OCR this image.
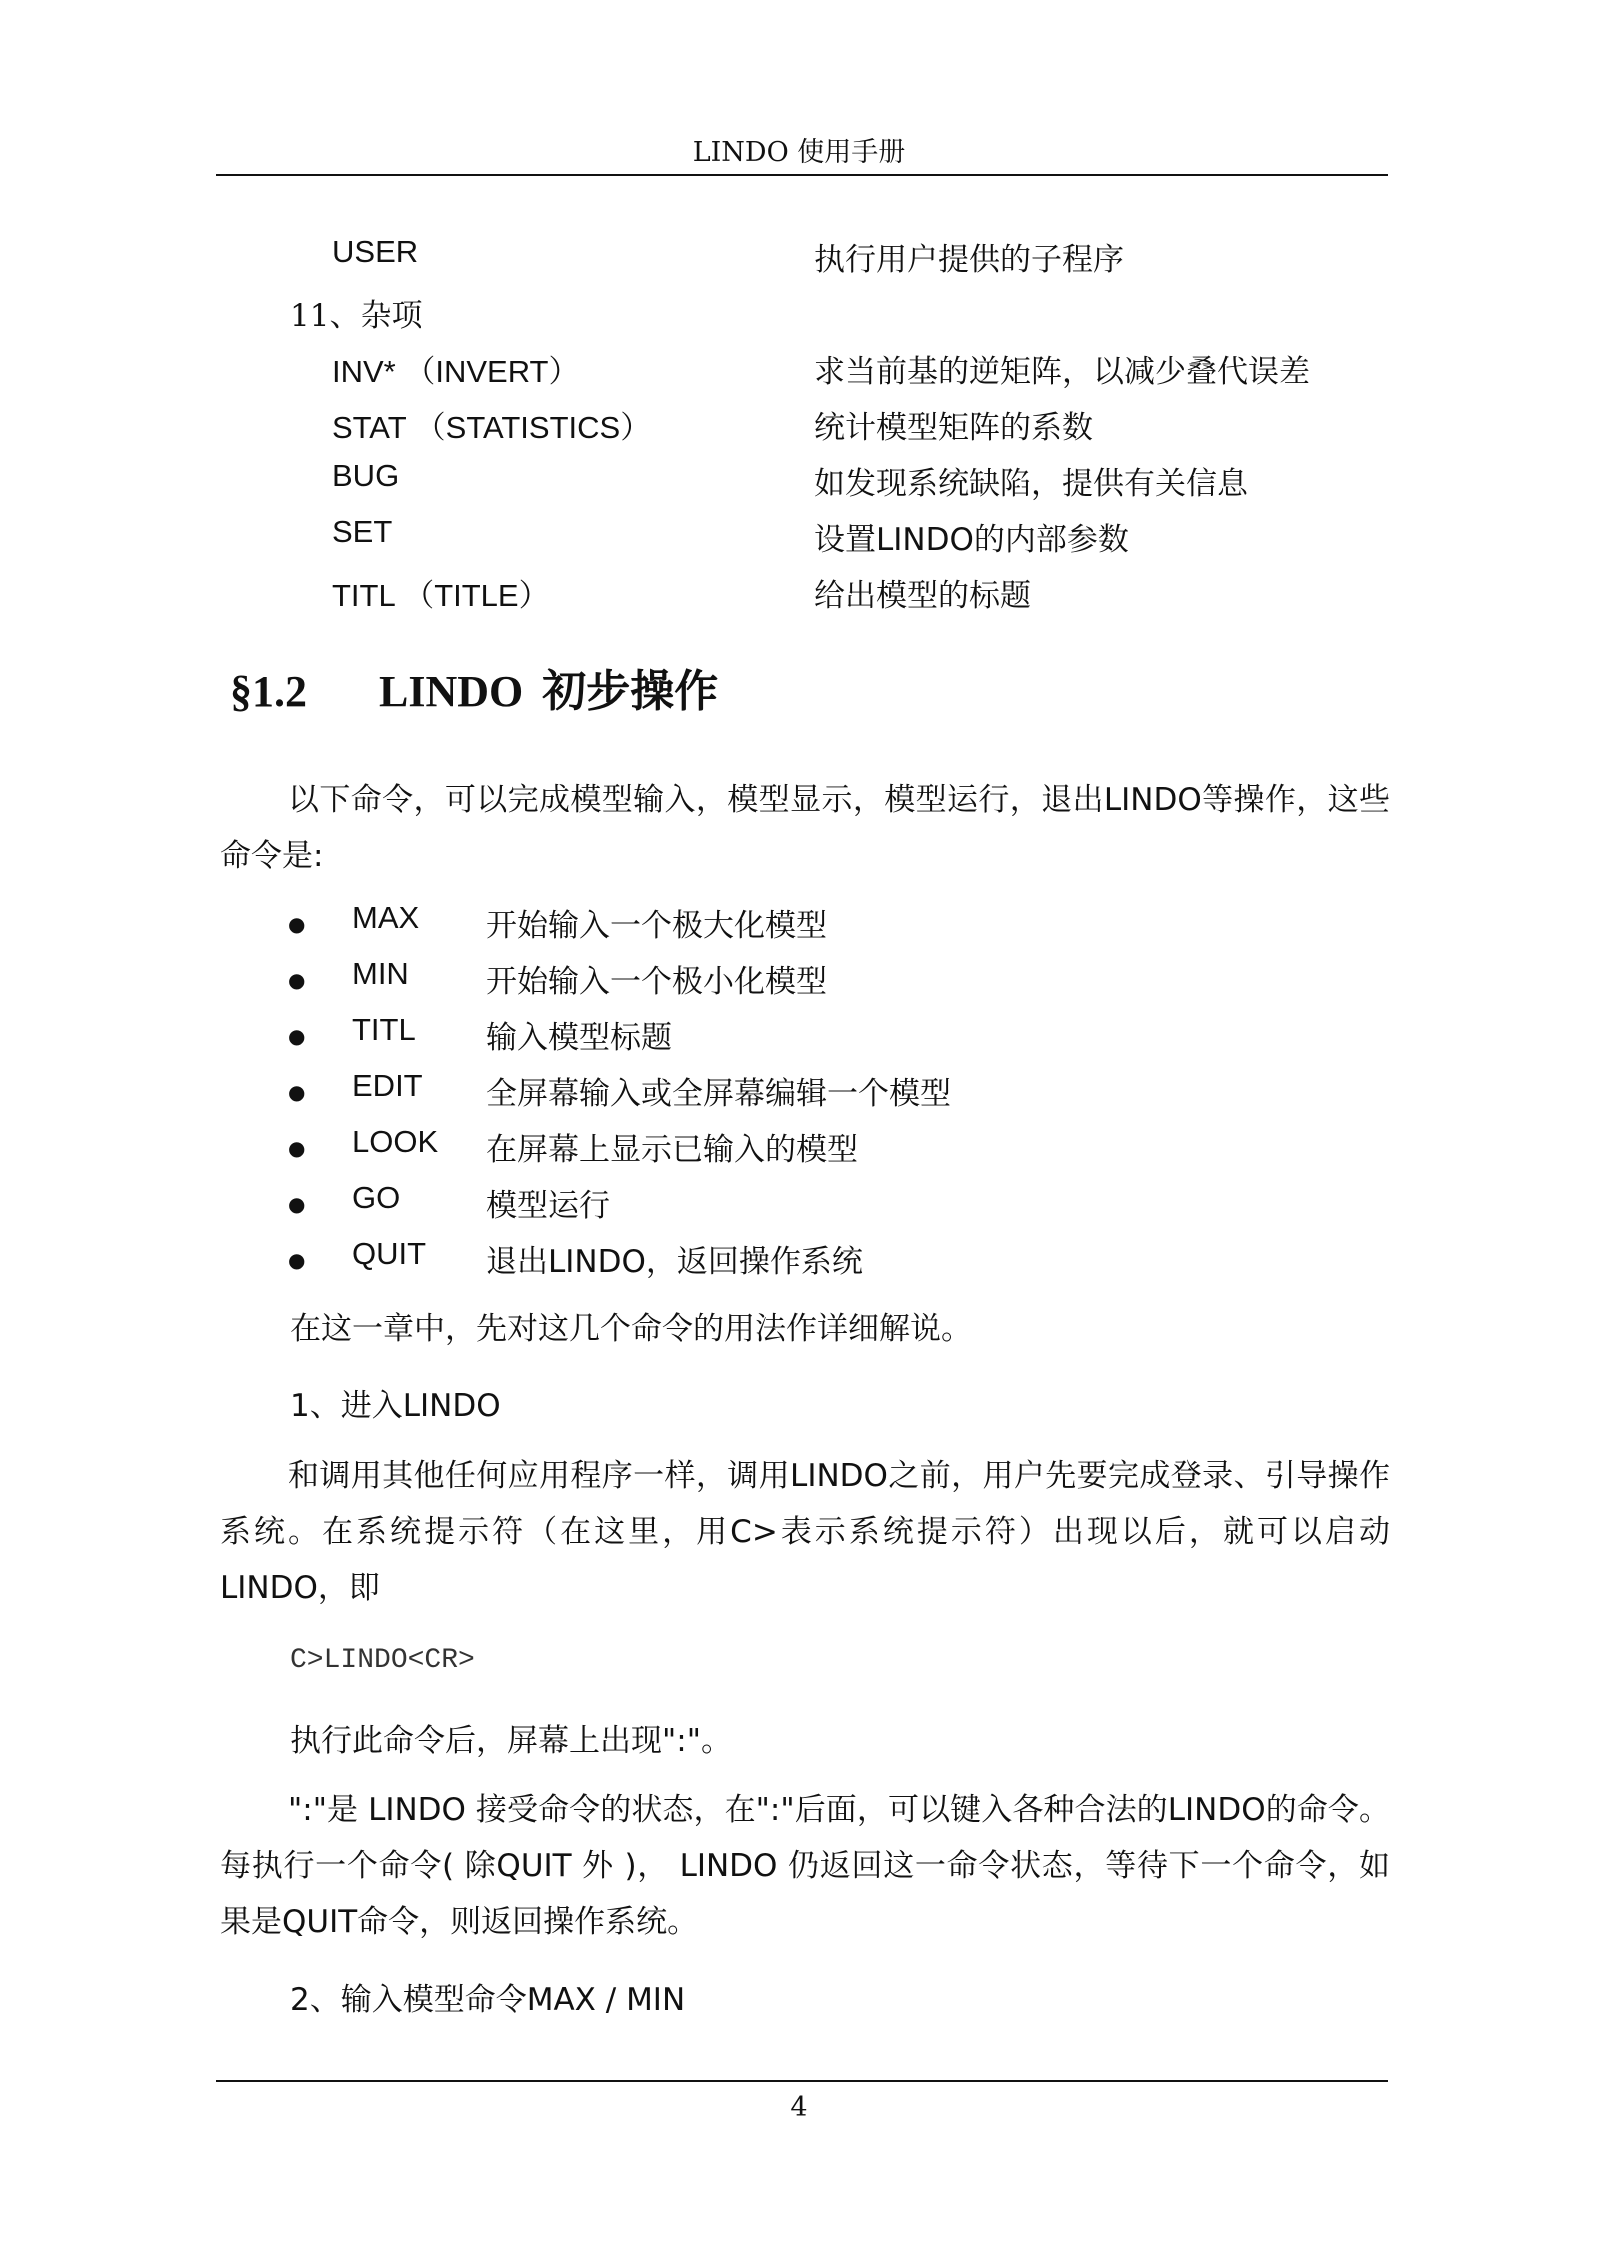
LINDO 使用手册
USER	执行用户提供的子程序
11、杂项
INV* （INVERT）	求当前基的逆矩阵，以减少叠代误差
STAT （STATISTICS）	统计模型矩阵的系数
BUG	如发现系统缺陷，提供有关信息
SET	设置LINDO的内部参数
TITL （TITLE）	给出模型的标题
§1.2 LINDO 初步操作

以下命令，可以完成模型输入，模型显示，模型运行，退出LINDO等操作，这些命令是:

● MAX 开始输入一个极大化模型
● MIN 开始输入一个极小化模型
● TITL 输入模型标题
● EDIT 全屏幕输入或全屏幕编辑一个模型
● LOOK 在屏幕上显示已输入的模型
● GO	模型运行
● QUIT 退出LINDO，返回操作系统
在这一章中，先对这几个命令的用法作详细解说。
1、进入LINDO

和调用其他任何应用程序一样，调用LINDO之前，用户先要完成登录、引导操作系统。在系统提示符（在这里，用C>表示系统提示符）出现以后，就可以启动LINDO，即

C>LINDO<CR>
执行此命令后，屏幕上出现":"。

":"是 LINDO 接受命令的状态，在":"后面，可以键入各种合法的LINDO的命令。每执行一个命令( 除QUIT 外 )， LINDO 仍返回这一命令状态，等待下一个命令，如果是QUIT命令，则返回操作系统。

2、输入模型命令MAX / MIN
4
